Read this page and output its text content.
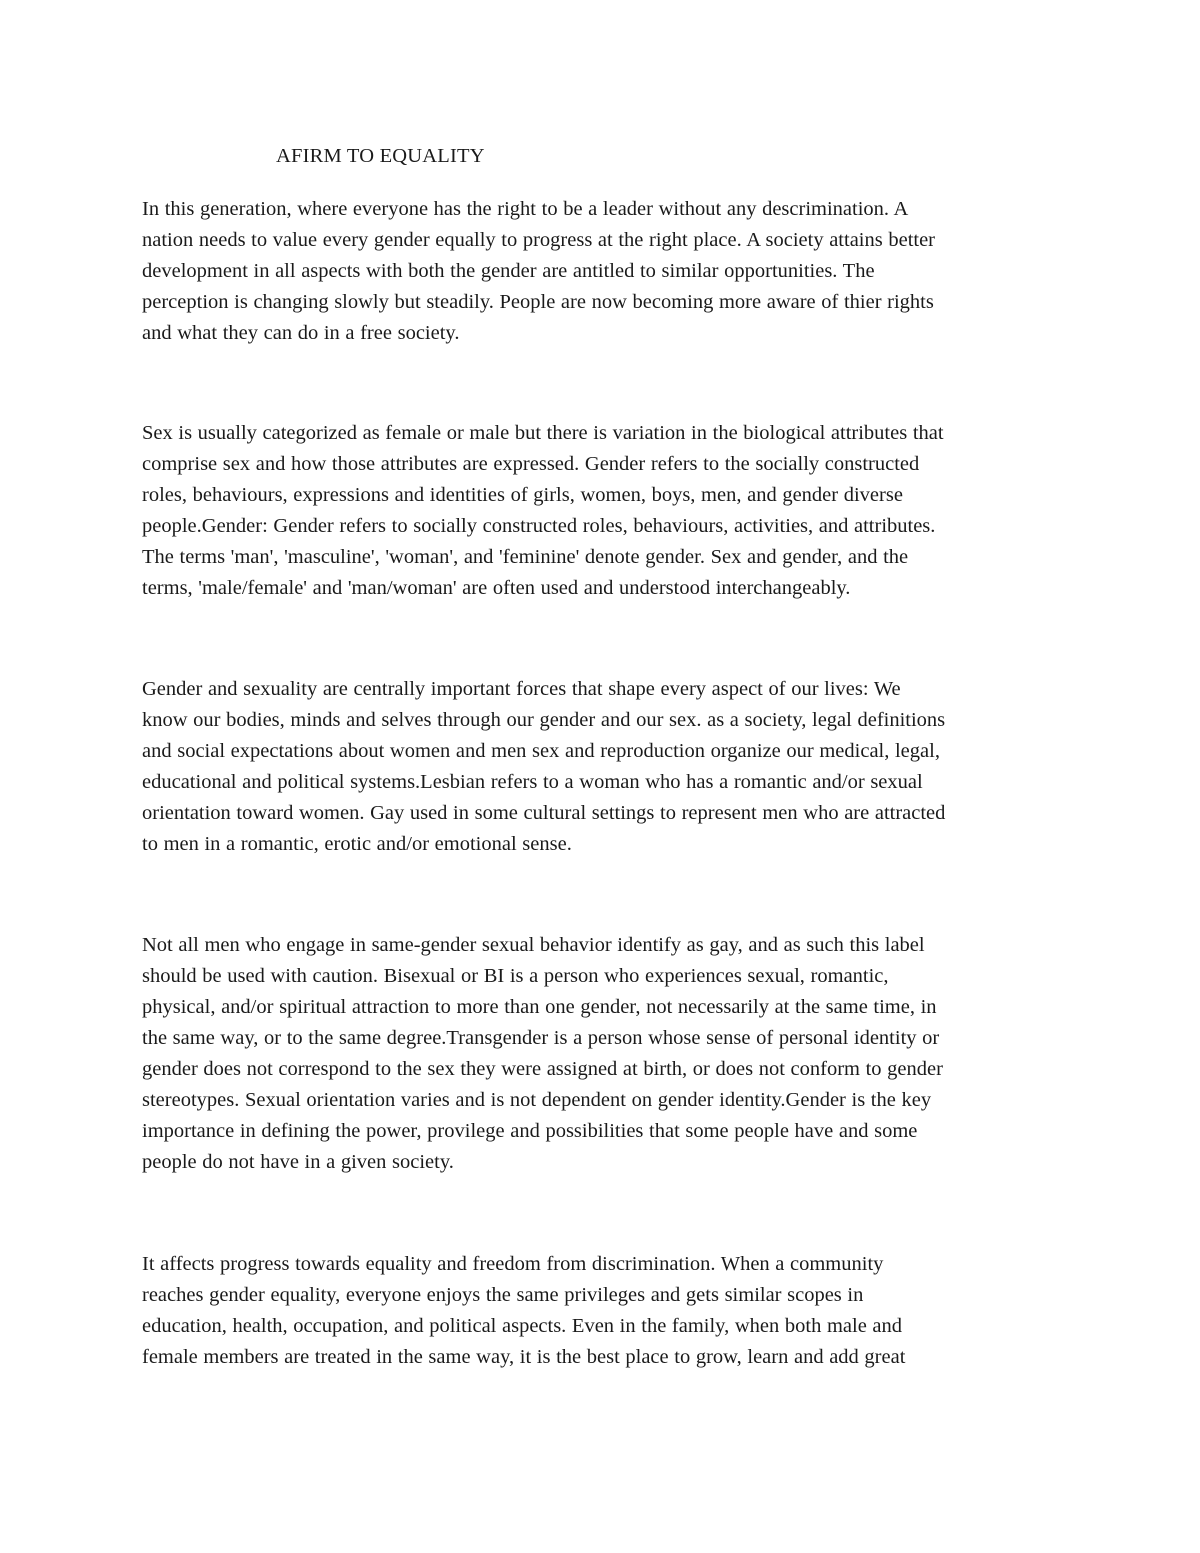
AFIRM TO EQUALITY

In this generation, where everyone has the right to be a leader without any descrimination. A
nation needs to value every gender equally to progress at the right place. A society attains better
development in all aspects with both the gender are antitled to similar opportunities. The
perception is changing slowly but steadily. People are now becoming more aware of thier rights
and what they can do in a free society.

Sex is usually categorized as female or male but there is variation in the biological attributes that
comprise sex and how those attributes are expressed. Gender refers to the socially constructed
roles, behaviours, expressions and identities of girls, women, boys, men, and gender diverse
people.Gender: Gender refers to socially constructed roles, behaviours, activities, and attributes.
The terms 'man', 'masculine', 'woman', and 'feminine' denote gender. Sex and gender, and the
terms, 'male/female' and 'man/woman' are often used and understood interchangeably.

Gender and sexuality are centrally important forces that shape every aspect of our lives: We
know our bodies, minds and selves through our gender and our sex. as a society, legal definitions
and social expectations about women and men sex and reproduction organize our medical, legal,
educational and political systems.Lesbian refers to a woman who has a romantic and/or sexual
orientation toward women. Gay used in some cultural settings to represent men who are attracted
to men in a romantic, erotic and/or emotional sense.

Not all men who engage in same-gender sexual behavior identify as gay, and as such this label
should be used with caution. Bisexual or BI is a person who experiences sexual, romantic,
physical, and/or spiritual attraction to more than one gender, not necessarily at the same time, in
the same way, or to the same degree.Transgender is a person whose sense of personal identity or
gender does not correspond to the sex they were assigned at birth, or does not conform to gender
stereotypes. Sexual orientation varies and is not dependent on gender identity.Gender is the key
importance in defining the power, provilege and possibilities that some people have and some
people do not have in a given society.

It affects progress towards equality and freedom from discrimination. When a community
reaches gender equality, everyone enjoys the same privileges and gets similar scopes in
education, health, occupation, and political aspects. Even in the family, when both male and
female members are treated in the same way, it is the best place to grow, learn and add great
